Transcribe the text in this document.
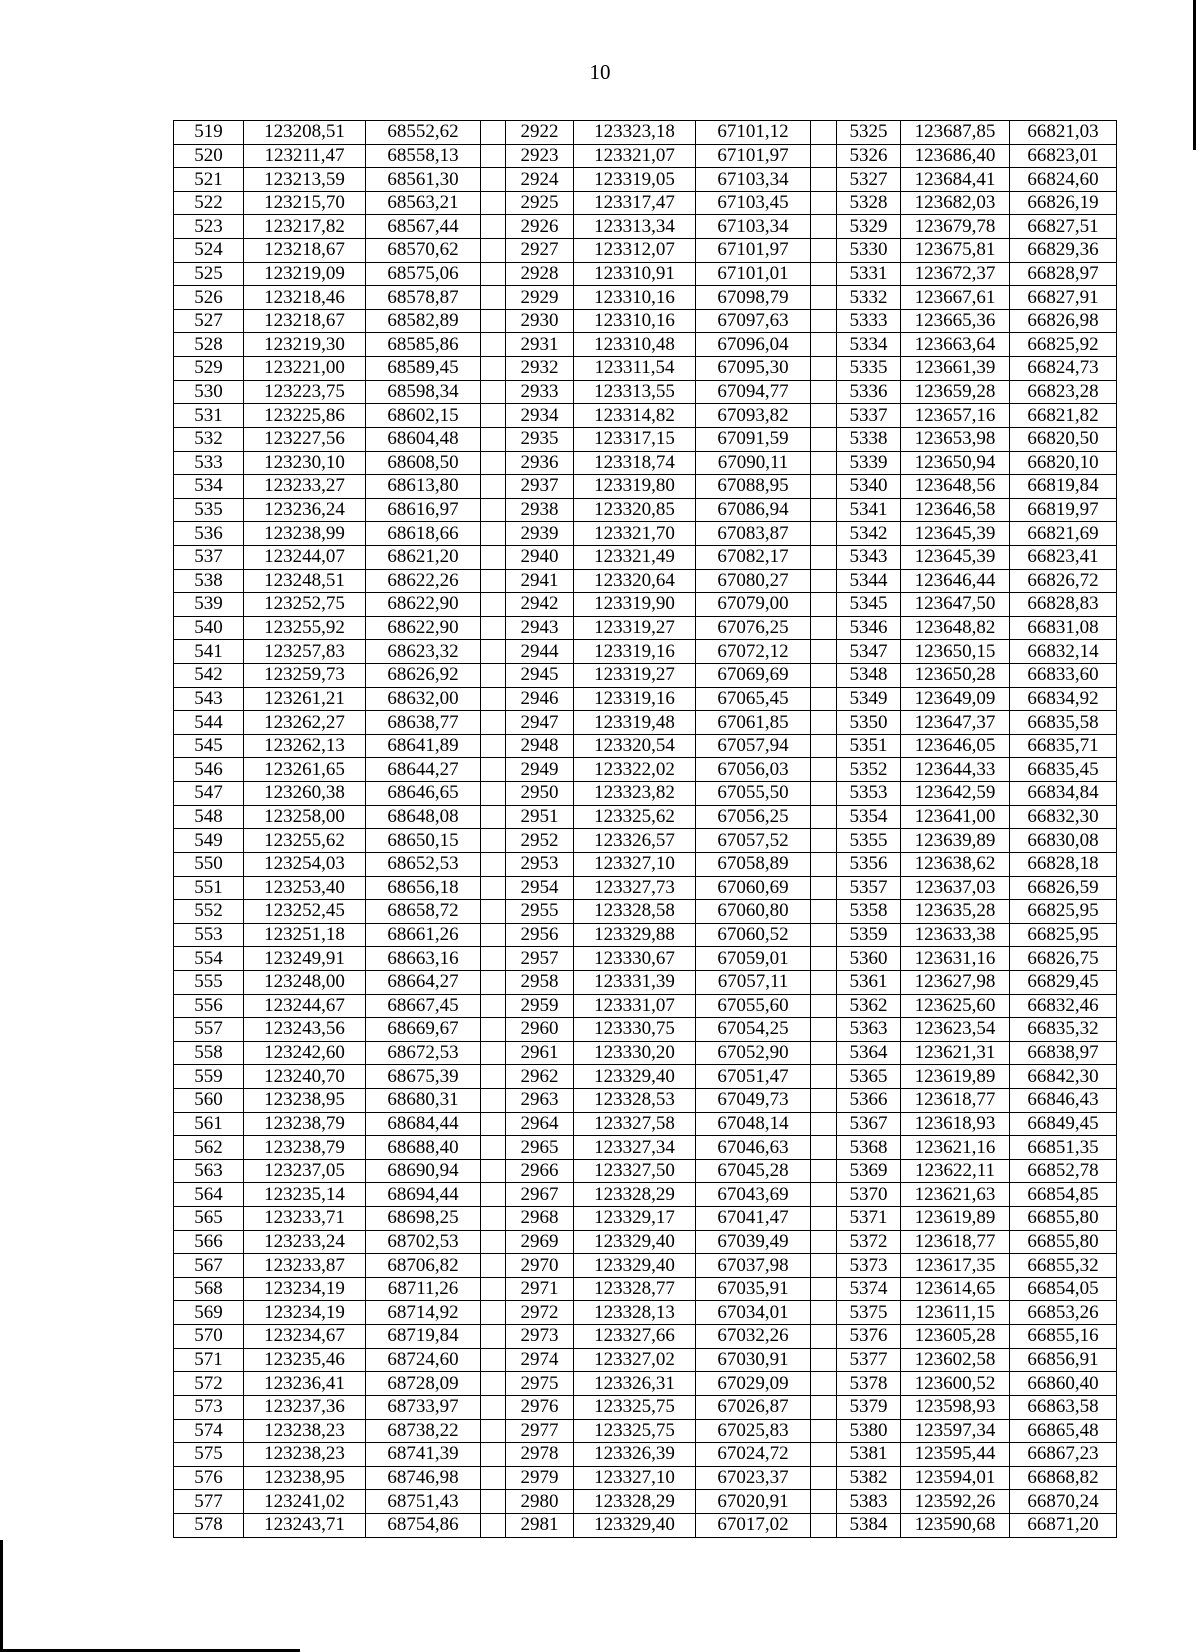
10
519	123208,51	68552,62		2922	123323,18	67101,12		5325	123687,85	66821,03
520	123211,47	68558,13		2923	123321,07	67101,97		5326	123686,40	66823,01
521	123213,59	68561,30		2924	123319,05	67103,34		5327	123684,41	66824,60
522	123215,70	68563,21		2925	123317,47	67103,45		5328	123682,03	66826,19
523	123217,82	68567,44		2926	123313,34	67103,34		5329	123679,78	66827,51
524	123218,67	68570,62		2927	123312,07	67101,97		5330	123675,81	66829,36
525	123219,09	68575,06		2928	123310,91	67101,01		5331	123672,37	66828,97
526	123218,46	68578,87		2929	123310,16	67098,79		5332	123667,61	66827,91
527	123218,67	68582,89		2930	123310,16	67097,63		5333	123665,36	66826,98
528	123219,30	68585,86		2931	123310,48	67096,04		5334	123663,64	66825,92
529	123221,00	68589,45		2932	123311,54	67095,30		5335	123661,39	66824,73
530	123223,75	68598,34		2933	123313,55	67094,77		5336	123659,28	66823,28
531	123225,86	68602,15		2934	123314,82	67093,82		5337	123657,16	66821,82
532	123227,56	68604,48		2935	123317,15	67091,59		5338	123653,98	66820,50
533	123230,10	68608,50		2936	123318,74	67090,11		5339	123650,94	66820,10
534	123233,27	68613,80		2937	123319,80	67088,95		5340	123648,56	66819,84
535	123236,24	68616,97		2938	123320,85	67086,94		5341	123646,58	66819,97
536	123238,99	68618,66		2939	123321,70	67083,87		5342	123645,39	66821,69
537	123244,07	68621,20		2940	123321,49	67082,17		5343	123645,39	66823,41
538	123248,51	68622,26		2941	123320,64	67080,27		5344	123646,44	66826,72
539	123252,75	68622,90		2942	123319,90	67079,00		5345	123647,50	66828,83
540	123255,92	68622,90		2943	123319,27	67076,25		5346	123648,82	66831,08
541	123257,83	68623,32		2944	123319,16	67072,12		5347	123650,15	66832,14
542	123259,73	68626,92		2945	123319,27	67069,69		5348	123650,28	66833,60
543	123261,21	68632,00		2946	123319,16	67065,45		5349	123649,09	66834,92
544	123262,27	68638,77		2947	123319,48	67061,85		5350	123647,37	66835,58
545	123262,13	68641,89		2948	123320,54	67057,94		5351	123646,05	66835,71
546	123261,65	68644,27		2949	123322,02	67056,03		5352	123644,33	66835,45
547	123260,38	68646,65		2950	123323,82	67055,50		5353	123642,59	66834,84
548	123258,00	68648,08		2951	123325,62	67056,25		5354	123641,00	66832,30
549	123255,62	68650,15		2952	123326,57	67057,52		5355	123639,89	66830,08
550	123254,03	68652,53		2953	123327,10	67058,89		5356	123638,62	66828,18
551	123253,40	68656,18		2954	123327,73	67060,69		5357	123637,03	66826,59
552	123252,45	68658,72		2955	123328,58	67060,80		5358	123635,28	66825,95
553	123251,18	68661,26		2956	123329,88	67060,52		5359	123633,38	66825,95
554	123249,91	68663,16		2957	123330,67	67059,01		5360	123631,16	66826,75
555	123248,00	68664,27		2958	123331,39	67057,11		5361	123627,98	66829,45
556	123244,67	68667,45		2959	123331,07	67055,60		5362	123625,60	66832,46
557	123243,56	68669,67		2960	123330,75	67054,25		5363	123623,54	66835,32
558	123242,60	68672,53		2961	123330,20	67052,90		5364	123621,31	66838,97
559	123240,70	68675,39		2962	123329,40	67051,47		5365	123619,89	66842,30
560	123238,95	68680,31		2963	123328,53	67049,73		5366	123618,77	66846,43
561	123238,79	68684,44		2964	123327,58	67048,14		5367	123618,93	66849,45
562	123238,79	68688,40		2965	123327,34	67046,63		5368	123621,16	66851,35
563	123237,05	68690,94		2966	123327,50	67045,28		5369	123622,11	66852,78
564	123235,14	68694,44		2967	123328,29	67043,69		5370	123621,63	66854,85
565	123233,71	68698,25		2968	123329,17	67041,47		5371	123619,89	66855,80
566	123233,24	68702,53		2969	123329,40	67039,49		5372	123618,77	66855,80
567	123233,87	68706,82		2970	123329,40	67037,98		5373	123617,35	66855,32
568	123234,19	68711,26		2971	123328,77	67035,91		5374	123614,65	66854,05
569	123234,19	68714,92		2972	123328,13	67034,01		5375	123611,15	66853,26
570	123234,67	68719,84		2973	123327,66	67032,26		5376	123605,28	66855,16
571	123235,46	68724,60		2974	123327,02	67030,91		5377	123602,58	66856,91
572	123236,41	68728,09		2975	123326,31	67029,09		5378	123600,52	66860,40
573	123237,36	68733,97		2976	123325,75	67026,87		5379	123598,93	66863,58
574	123238,23	68738,22		2977	123325,75	67025,83		5380	123597,34	66865,48
575	123238,23	68741,39		2978	123326,39	67024,72		5381	123595,44	66867,23
576	123238,95	68746,98		2979	123327,10	67023,37		5382	123594,01	66868,82
577	123241,02	68751,43		2980	123328,29	67020,91		5383	123592,26	66870,24
578	123243,71	68754,86		2981	123329,40	67017,02		5384	123590,68	66871,20
